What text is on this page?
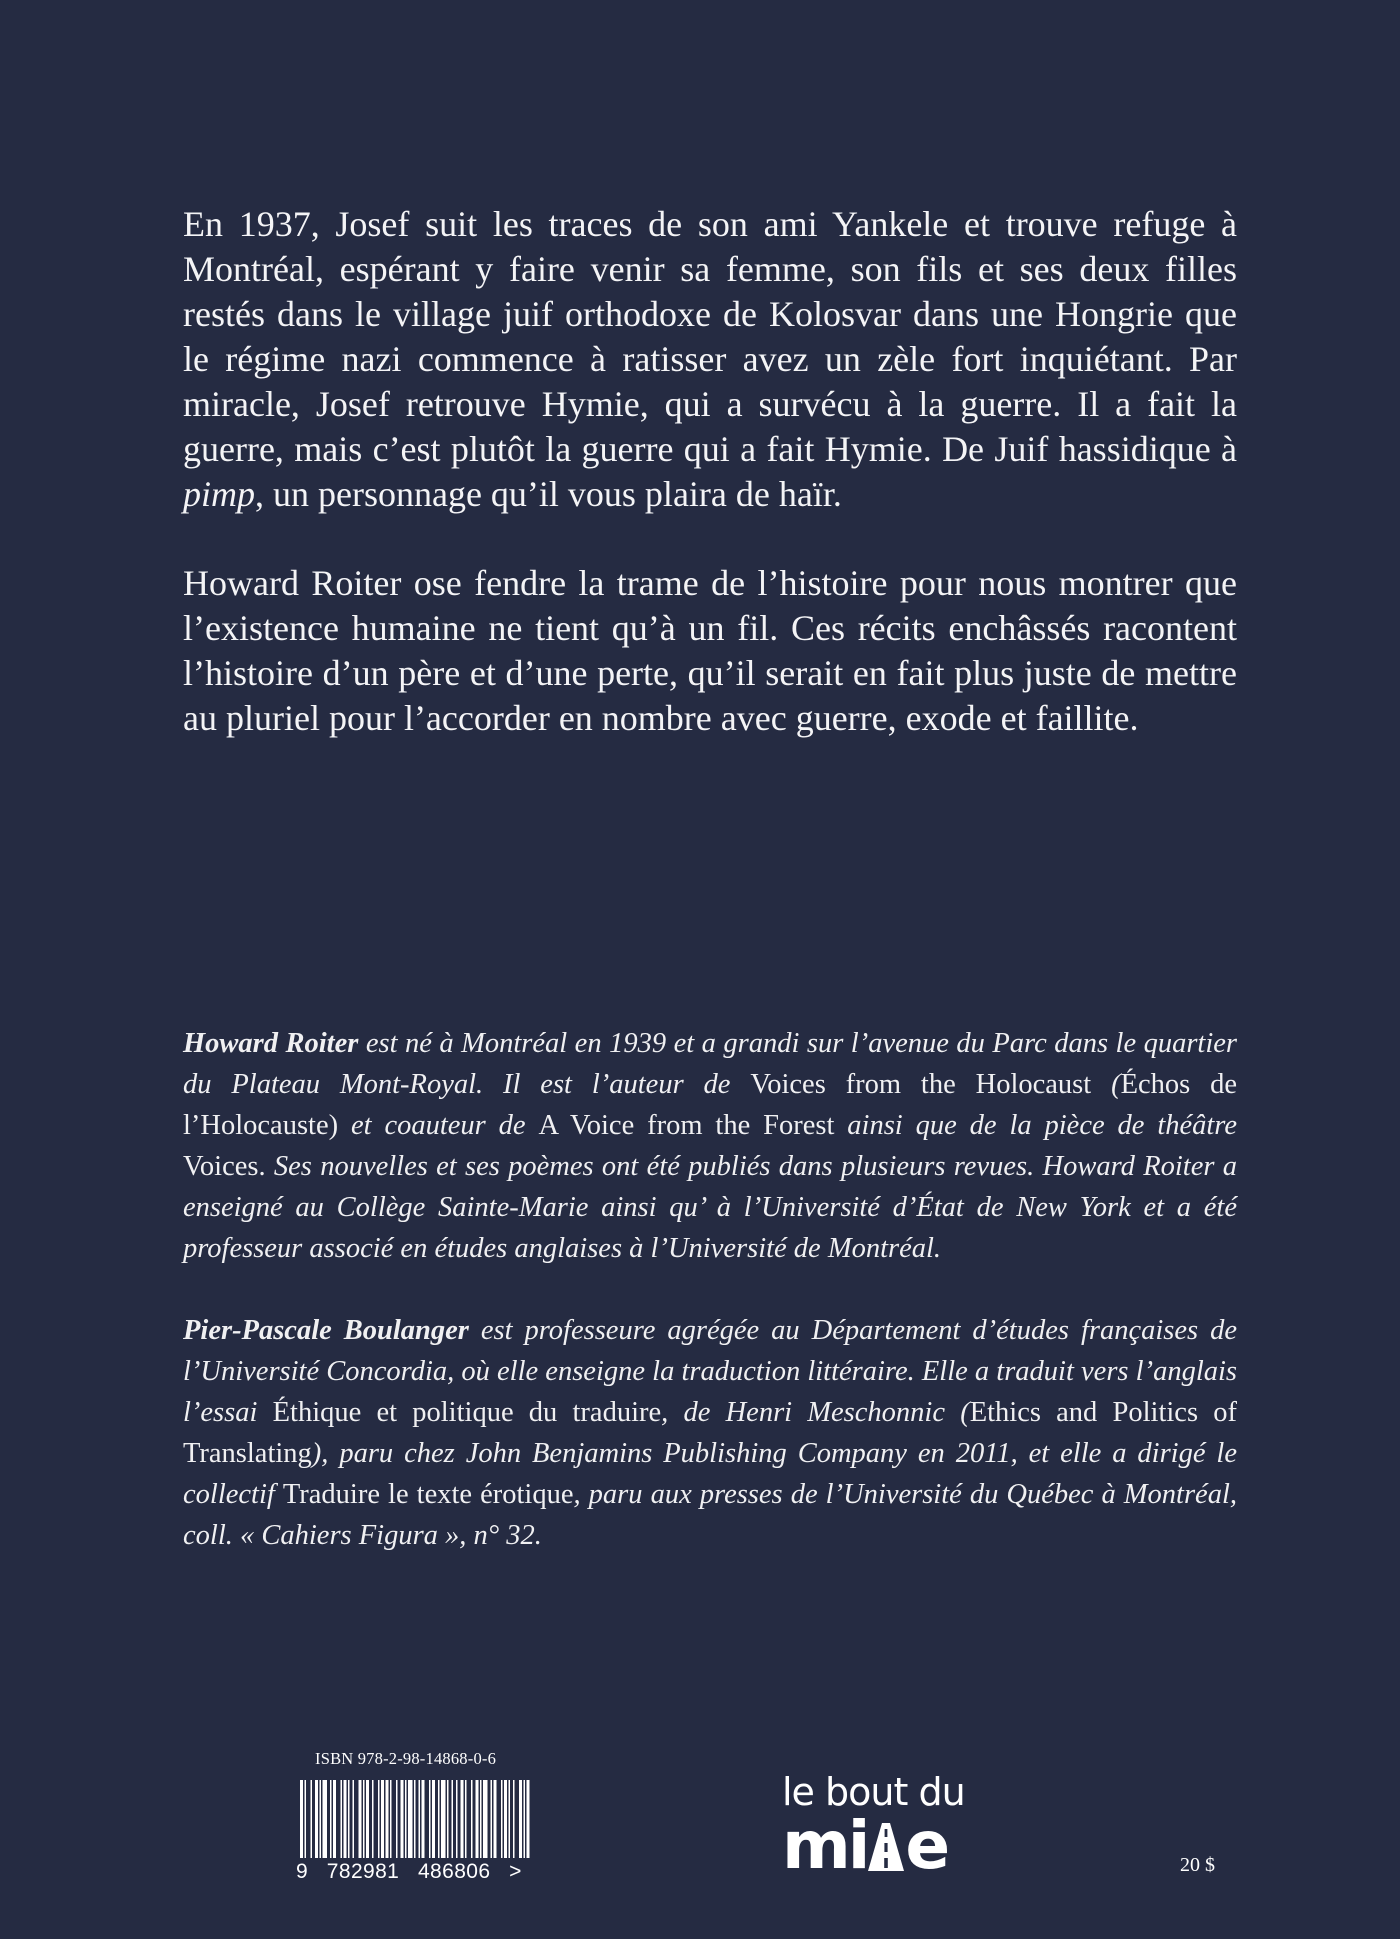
En 1937, Josef suit les traces de son ami Yankele et trouve refuge à Montréal, espérant y faire venir sa femme, son fils et ses deux filles restés dans le village juif orthodoxe de Kolosvar dans une Hongrie que le régime nazi commence à ratisser avez un zèle fort inquiétant. Par miracle, Josef retrouve Hymie, qui a survécu à la guerre. Il a fait la guerre, mais c’est plutôt la guerre qui a fait Hymie. De Juif hassidique à pimp, un personnage qu’il vous plaira de haïr.

Howard Roiter ose fendre la trame de l’histoire pour nous montrer que l’existence humaine ne tient qu’à un fil. Ces récits enchâssés racontent l’histoire d’un père et d’une perte, qu’il serait en fait plus juste de mettre au pluriel pour l’accorder en nombre avec guerre, exode et faillite.

Howard Roiter est né à Montréal en 1939 et a grandi sur l’avenue du Parc dans le quartier du Plateau Mont-Royal. Il est l’auteur de Voices from the Holocaust (Échos de l’Holocauste) et coauteur de A Voice from the Forest ainsi que de la pièce de théâtre Voices. Ses nouvelles et ses poèmes ont été publiés dans plusieurs revues. Howard Roiter a enseigné au Collège Sainte-Marie ainsi qu’ à l’Université d’État de New York et a été professeur associé en études anglaises à l’Université de Montréal.

Pier-Pascale Boulanger est professeure agrégée au Département d’études françaises de l’Université Concordia, où elle enseigne la traduction littéraire. Elle a traduit vers l’anglais l’essai Éthique et politique du traduire, de Henri Meschonnic (Ethics and Politics of Translating), paru chez John Benjamins Publishing Company en 2011, et elle a dirigé le collectif Traduire le texte érotique, paru aux presses de l’Université du Québec à Montréal, coll. « Cahiers Figura », n° 32.

ISBN 978-2-98-14868-0-6
9   782981   486806   >
le bout du
mi e	20 $
